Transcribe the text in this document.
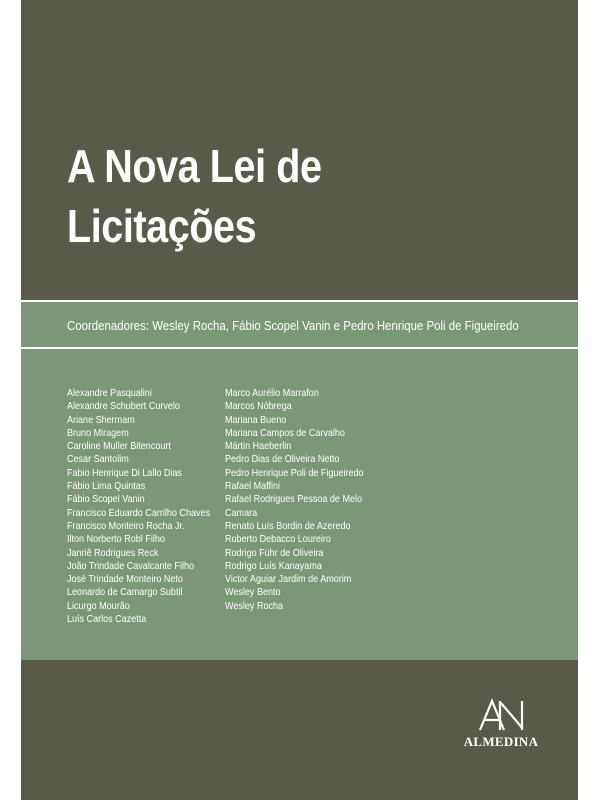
A Nova Lei de
Licitações
Coordenadores: Wesley Rocha, Fábio Scopel Vanin e Pedro Henrique Poli de Figueiredo
Alexandre Pasqualini
Alexandre Schubert Curvelo
Ariane Shermam
Bruno Miragem
Caroline Muller Bitencourt
Cesar Santolim
Fabio Henrique Di Lallo Dias
Fábio Lima Quintas
Fábio Scopel Vanin
Francisco Eduardo Carrilho Chaves
Francisco Monteiro Rocha Jr.
Ilton Norberto Robl Filho
Janriê Rodrigues Reck
João Trindade Cavalcante Filho
José Trindade Monteiro Neto
Leonardo de Camargo Subtil
Licurgo Mourão
Luís Carlos Cazetta
Marco Aurélio Marrafon
Marcos Nóbrega
Mariana Bueno
Mariana Campos de Carvalho
Mártin Haeberlin
Pedro Dias de Oliveira Netto
Pedro Henrique Poli de Figueiredo
Rafael Maffini
Rafael Rodrigues Pessoa de Melo
Camara
Renato Luís Bordin de Azeredo
Roberto Debacco Loureiro
Rodrigo Führ de Oliveira
Rodrigo Luís Kanayama
Victor Aguiar Jardim de Amorim
Wesley Bento
Wesley Rocha
ALMEDINA
